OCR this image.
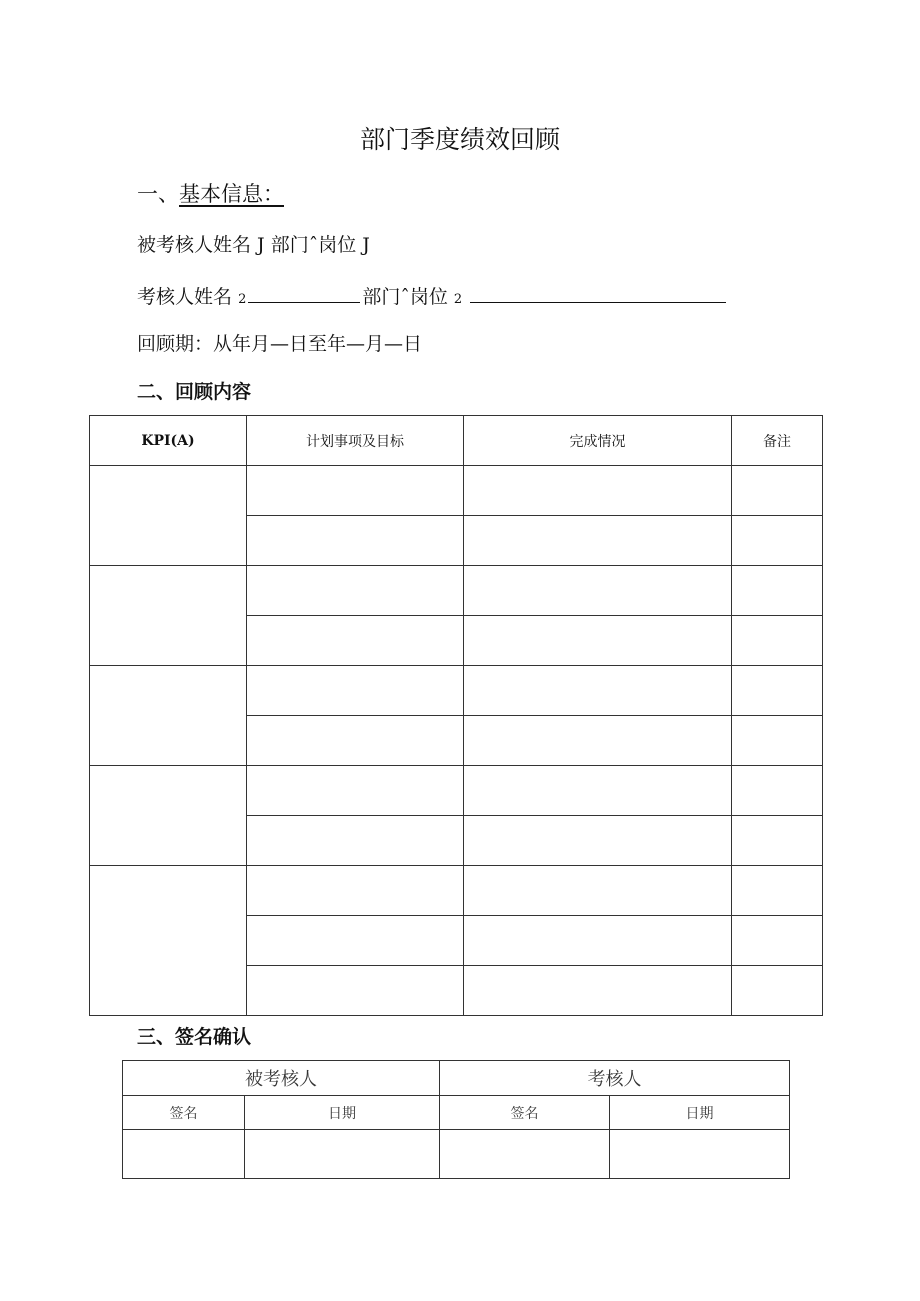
部门季度绩效回顾
一、基本信息：
被考核人姓名 J 部门ˆ岗位 J
考核人姓名 2	部门ˆ岗位 2
回顾期：从年月—日至年—月—日
二、回顾内容
KPI(A)	计划事项及目标	完成情况	备注

三、签名确认
被考核人		考核人	
签名	日期	签名	日期
